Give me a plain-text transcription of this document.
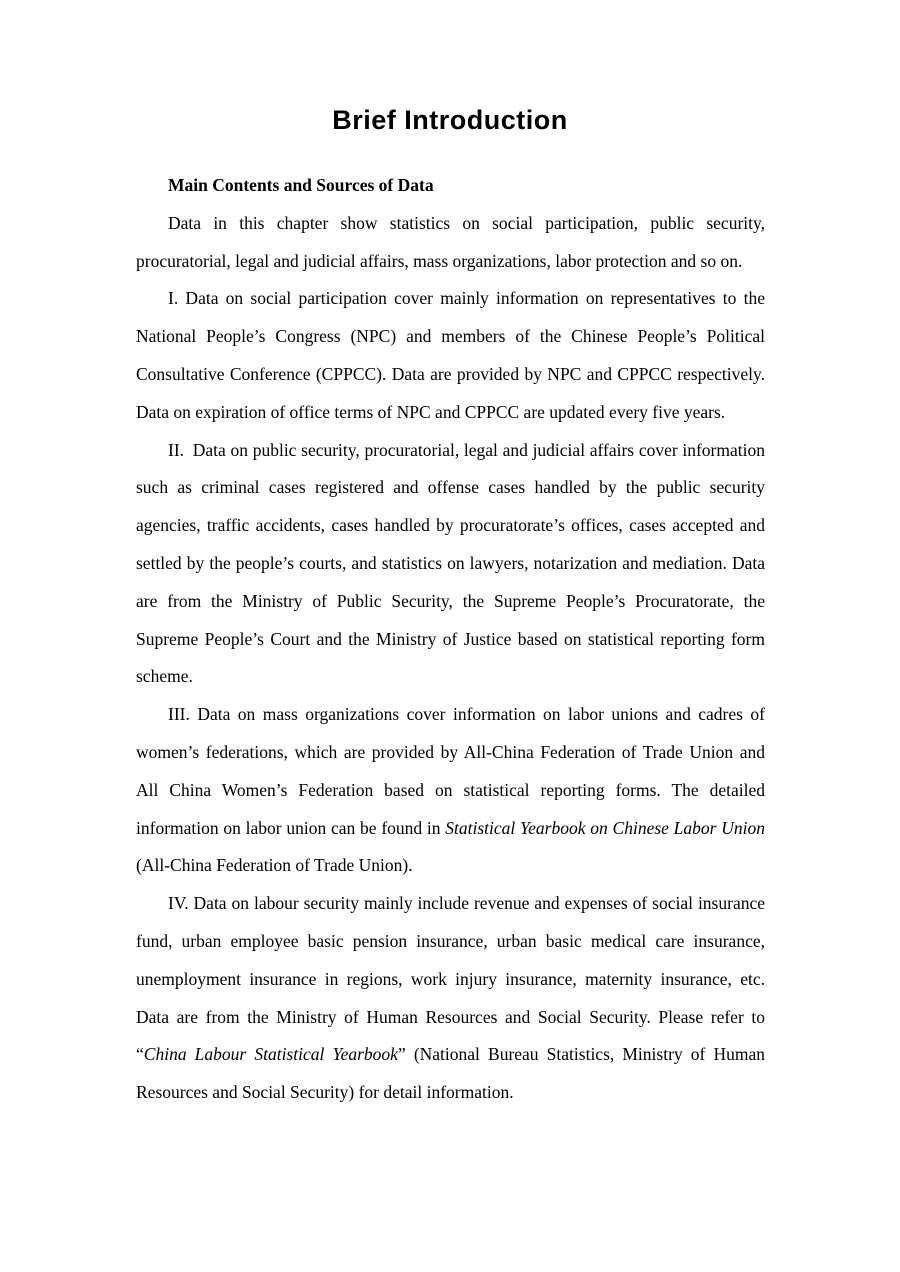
Brief Introduction

Main Contents and Sources of Data

Data in this chapter show statistics on social participation, public security, procuratorial, legal and judicial affairs, mass organizations, labor protection and so on.

I. Data on social participation cover mainly information on representatives to the National People’s Congress (NPC) and members of the Chinese People’s Political Consultative Conference (CPPCC). Data are provided by NPC and CPPCC respectively. Data on expiration of office terms of NPC and CPPCC are updated every five years.

II. Data on public security, procuratorial, legal and judicial affairs cover information such as criminal cases registered and offense cases handled by the public security agencies, traffic accidents, cases handled by procuratorate’s offices, cases accepted and settled by the people’s courts, and statistics on lawyers, notarization and mediation. Data are from the Ministry of Public Security, the Supreme People’s Procuratorate, the Supreme People’s Court and the Ministry of Justice based on statistical reporting form scheme.

III. Data on mass organizations cover information on labor unions and cadres of women’s federations, which are provided by All-China Federation of Trade Union and All China Women’s Federation based on statistical reporting forms. The detailed information on labor union can be found in Statistical Yearbook on Chinese Labor Union (All-China Federation of Trade Union).

IV. Data on labour security mainly include revenue and expenses of social insurance fund, urban employee basic pension insurance, urban basic medical care insurance, unemployment insurance in regions, work injury insurance, maternity insurance, etc. Data are from the Ministry of Human Resources and Social Security. Please refer to “China Labour Statistical Yearbook” (National Bureau Statistics, Ministry of Human Resources and Social Security) for detail information.
